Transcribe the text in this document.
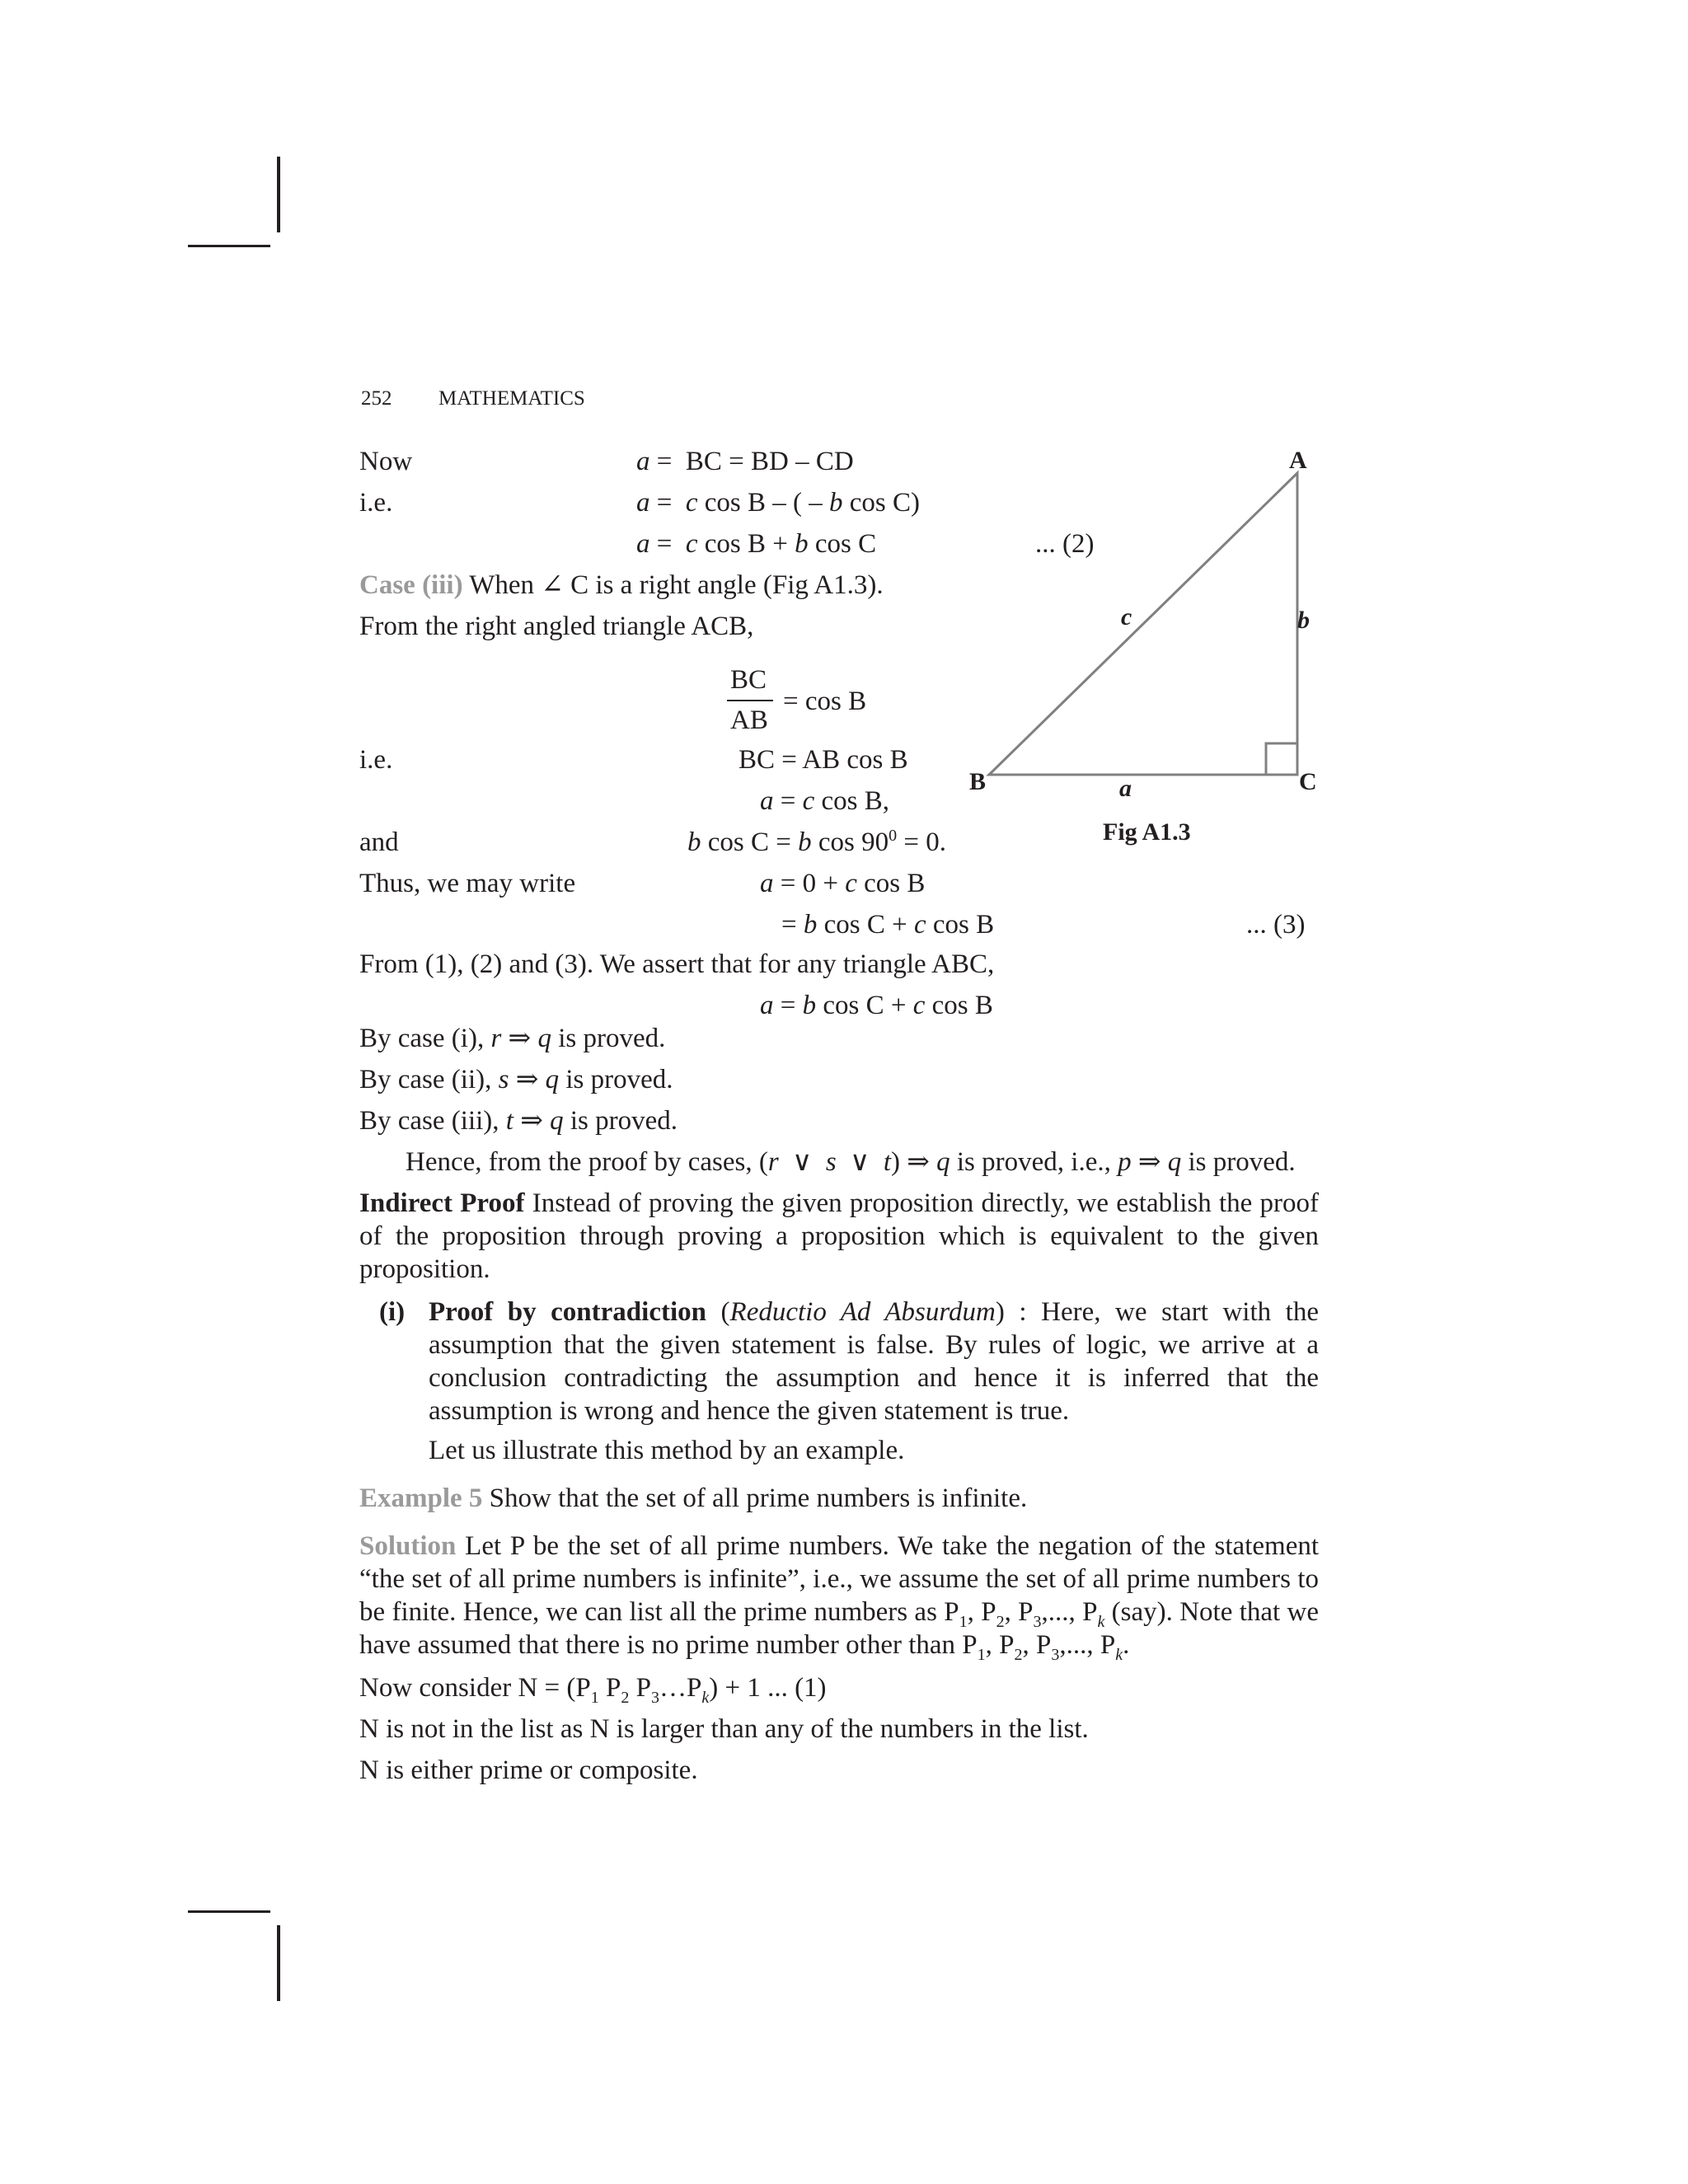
252 MATHEMATICS
Now	a =  BC = BD – CD
i.e.	a =  c cos B – ( – b cos C)
a =  c cos B + b cos C	... (2)
Case (iii) When ∠ C is a right angle (Fig A1.3).
From the right angled triangle ACB,
BC
AB
= cos B
i.e.	BC = AB cos B
a = c cos B,
and	b cos C = b $\cos 90^0 = 0$.
Thus, we may write	a = 0 + c cos B
= b cos C + c cos B	... (3)
From (1), (2) and (3). We assert that for any triangle ABC,
a = b cos C + c cos B
By case (i), r ⇒ q is proved.
By case (ii), s ⇒ q is proved.
By case (iii), t ⇒ q is proved.
Hence, from the proof by cases, (r  ∨  s  ∨  t) ⇒ q is proved, i.e., p ⇒ q is proved.
Indirect Proof Instead of proving the given proposition directly, we establish the proof of the proposition through proving a proposition which is equivalent to the given proposition.
(i) Proof by contradiction (Reductio Ad Absurdum) : Here, we start with the assumption that the given statement is false. By rules of logic, we arrive at a conclusion contradicting the assumption and hence it is inferred that the assumption is wrong and hence the given statement is true.
Let us illustrate this method by an example.
Example 5 Show that the set of all prime numbers is infinite.
Solution Let P be the set of all prime numbers. We take the negation of the statement “the set of all prime numbers is infinite”, i.e., we assume the set of all prime numbers to be finite. Hence, we can list all the prime numbers as $P_1$, $P_2$, $P_3$,..., $P_k$ (say). Note that we have assumed that there is no prime number other than $P_1$, $P_2$, $P_3$,..., $P_k$.
Now consider $N = (P_1$ $P_2$ $P_3\dots P_k) + 1$ ... (1)
N is not in the list as N is larger than any of the numbers in the list.
N is either prime or composite.
A
B	C
a
b
c
Fig A1.3
